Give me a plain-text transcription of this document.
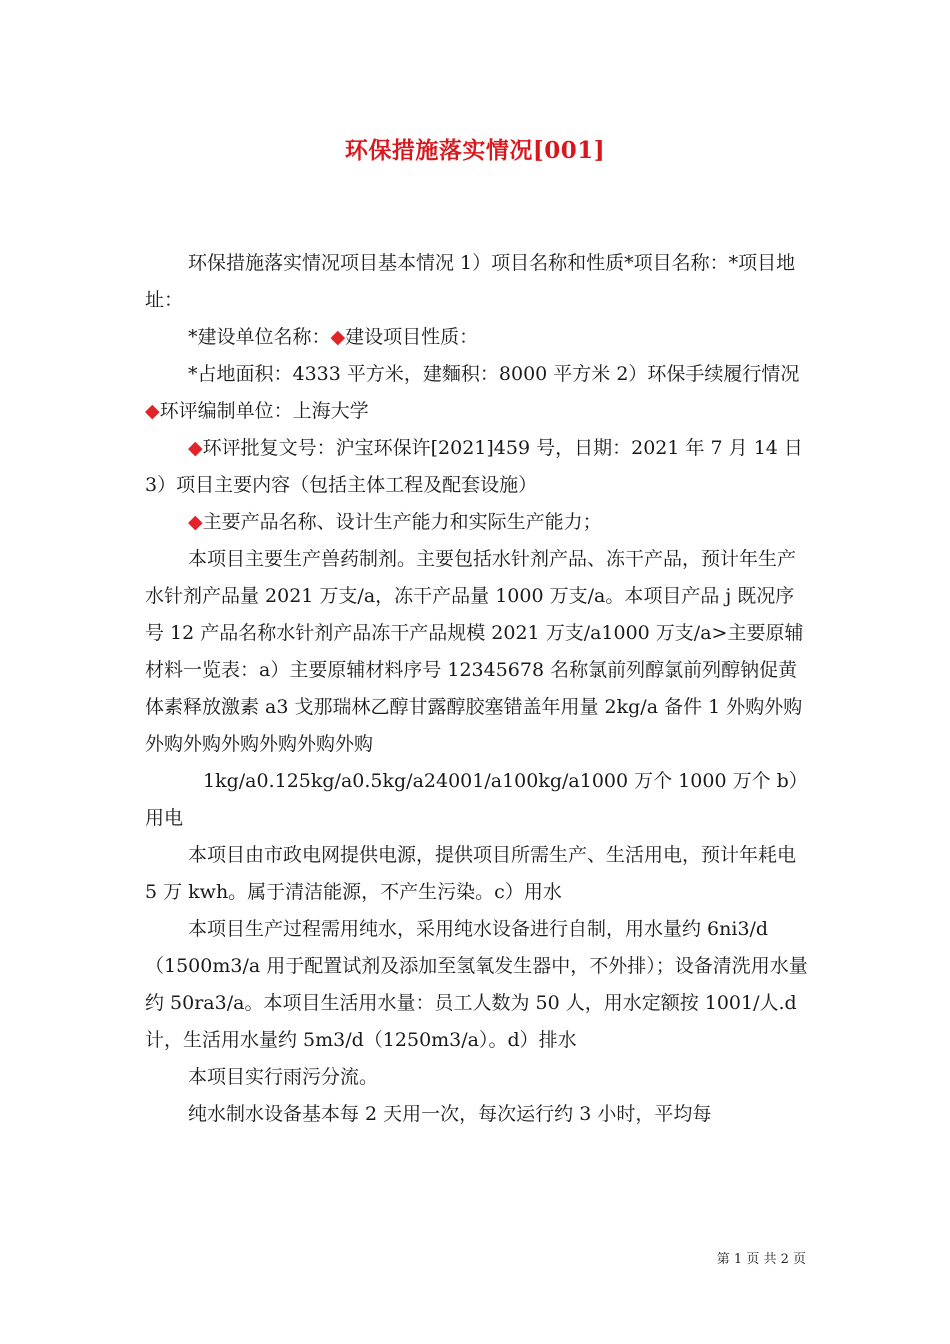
环保措施落实情况[001]

环保措施落实情况项目基本情况 1）项目名称和性质*项目名称：*项目地址：

*建设单位名称：◆建设项目性质：

*占地面积：4333 平方米，建麵积：8000 平方米 2）环保手续履行情况◆环评编制单位：上海大学

◆环评批复文号：沪宝环保许[2021]459 号，日期：2021 年 7 月 14 日 3）项目主要内容（包括主体工程及配套设施）

◆主要产品名称、设计生产能力和实际生产能力；

本项目主要生产兽药制剂。主要包括水针剂产品、冻干产品，预计年生产水针剂产品量 2021 万支/a，冻干产品量 1000 万支/a。本项目产品 j 既况序号 12 产品名称水针剂产品冻干产品规模 2021 万支/a1000 万支/a>主要原辅材料一览表：a）主要原辅材料序号 12345678 名称氯前列醇氯前列醇钠促黄体素释放激素 a3 戈那瑞林乙醇甘露醇胶塞错盖年用量 2kg/a 备件 1 外购外购外购外购外购外购外购外购

1kg/a0.125kg/a0.5kg/a24001/a100kg/a1000 万个 1000 万个 b）用电

本项目由市政电网提供电源，提供项目所需生产、生活用电，预计年耗电 5 万 kwh。属于清洁能源，不产生污染。c）用水

本项目生产过程需用纯水，采用纯水设备进行自制，用水量约 6ni3/d（1500m3/a 用于配置试剂及添加至氢氧发生器中，不外排）；设备清洗用水量约 50ra3/a。本项目生活用水量：员工人数为 50 人，用水定额按 1001/人.d 计，生活用水量约 5m3/d（1250m3/a）。d）排水

本项目实行雨污分流。

纯水制水设备基本每 2 天用一次，每次运行约 3 小时，平均每

第 1 页 共 2 页
